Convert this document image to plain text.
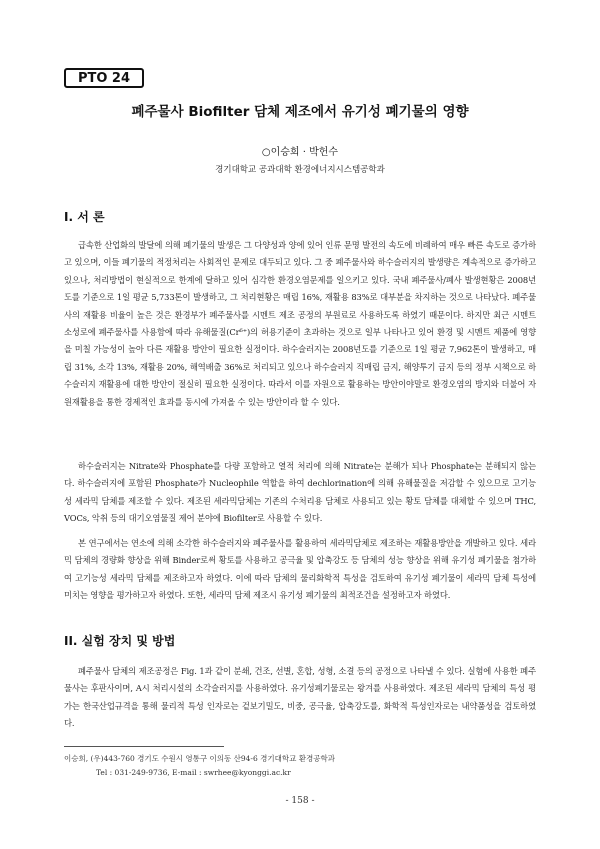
PTO 24
폐주물사 Biofilter 담체 제조에서 유기성 폐기물의 영향
○이승희 · 박헌수
경기대학교 공과대학 환경에너지시스템공학과
I. 서 론

급속한 산업화의 발달에 의해 폐기물의 발생은 그 다양성과 양에 있어 인류 문명 발전의 속도에 비례하여 매우 빠른 속도로 증가하고 있으며, 이들 폐기물의 적정처리는 사회적인 문제로 대두되고 있다. 그 중 폐주물사와 하수슬러지의 발생량은 계속적으로 증가하고 있으나, 처리방법이 현실적으로 한계에 달하고 있어 심각한 환경오염문제를 일으키고 있다. 국내 폐주물사/폐사 발생현황은 2008년도를 기준으로 1일 평균 5,733톤이 발생하고, 그 처리현황은 매립 16%, 재활용 83%로 대부분을 차지하는 것으로 나타났다. 폐주물사의 재활용 비율이 높은 것은 환경부가 폐주물사를 시멘트 제조 공정의 부원료로 사용하도록 하였기 때문이다. 하지만 최근 시멘트 소성로에 폐주물사를 사용함에 따라 유해물질(Cr⁶⁺)의 허용기준이 초과하는 것으로 일부 나타나고 있어 환경 및 시멘트 제품에 영향을 미칠 가능성이 높아 다른 재활용 방안이 필요한 실정이다. 하수슬러지는 2008년도를 기준으로 1일 평균 7,962톤이 발생하고, 매립 31%, 소각 13%, 재활용 20%, 해역배출 36%로 처리되고 있으나 하수슬러지 직매립 금지, 해양투기 금지 등의 정부 시책으로 하수슬러지 재활용에 대한 방안이 절실히 필요한 실정이다. 따라서 이를 자원으로 활용하는 방안이야말로 환경오염의 방지와 더불어 자원재활용을 통한 경제적인 효과를 동시에 가져올 수 있는 방안이라 할 수 있다.

하수슬러지는 Nitrate와 Phosphate를 다량 포함하고 열적 처리에 의해 Nitrate는 분해가 되나 Phosphate는 분해되지 않는다. 하수슬러지에 포함된 Phosphate가 Nucleophile 역할을 하여 dechlorination에 의해 유해물질을 저감할 수 있으므로 고기능성 세라믹 담체를 제조할 수 있다. 제조된 세라믹담체는 기존의 수처리용 담체로 사용되고 있는 황토 담체를 대체할 수 있으며 THC, VOCs, 악취 등의 대기오염물질 제어 분야에 Biofilter로 사용할 수 있다.

본 연구에서는 연소에 의해 소각한 하수슬러지와 폐주물사를 활용하여 세라믹담체로 제조하는 재활용방안을 개발하고 있다. 세라믹 담체의 경량화 향상을 위해 Binder로써 황토를 사용하고 공극율 및 압축강도 등 담체의 성능 향상을 위해 유기성 폐기물을 첨가하여 고기능성 세라믹 담체를 제조하고자 하였다. 이에 따라 담체의 물리화학적 특성을 검토하여 유기성 폐기물이 세라믹 담체 특성에 미치는 영향을 평가하고자 하였다. 또한, 세라믹 담체 제조시 유기성 폐기물의 최적조건을 설정하고자 하였다.

II. 실험 장치 및 방법

폐주물사 담체의 제조공정은 Fig. 1과 같이 분쇄, 건조, 선별, 혼합, 성형, 소결 등의 공정으로 나타낼 수 있다. 실험에 사용한 폐주물사는 후판사이며, A시 처리시설의 소각슬러지를 사용하였다. 유기성폐기물로는 왕겨를 사용하였다. 제조된 세라믹 담체의 특성 평가는 한국산업규격을 통해 물리적 특성 인자로는 겉보기밀도, 비중, 공극율, 압축강도를, 화학적 특성인자로는 내약품성을 검토하였다.

이승희, (우)443-760 경기도 수원시 영통구 이의동 산94-6 경기대학교 환경공학과
Tel : 031-249-9736, E-mail : swrhee@kyonggi.ac.kr
- 158 -
